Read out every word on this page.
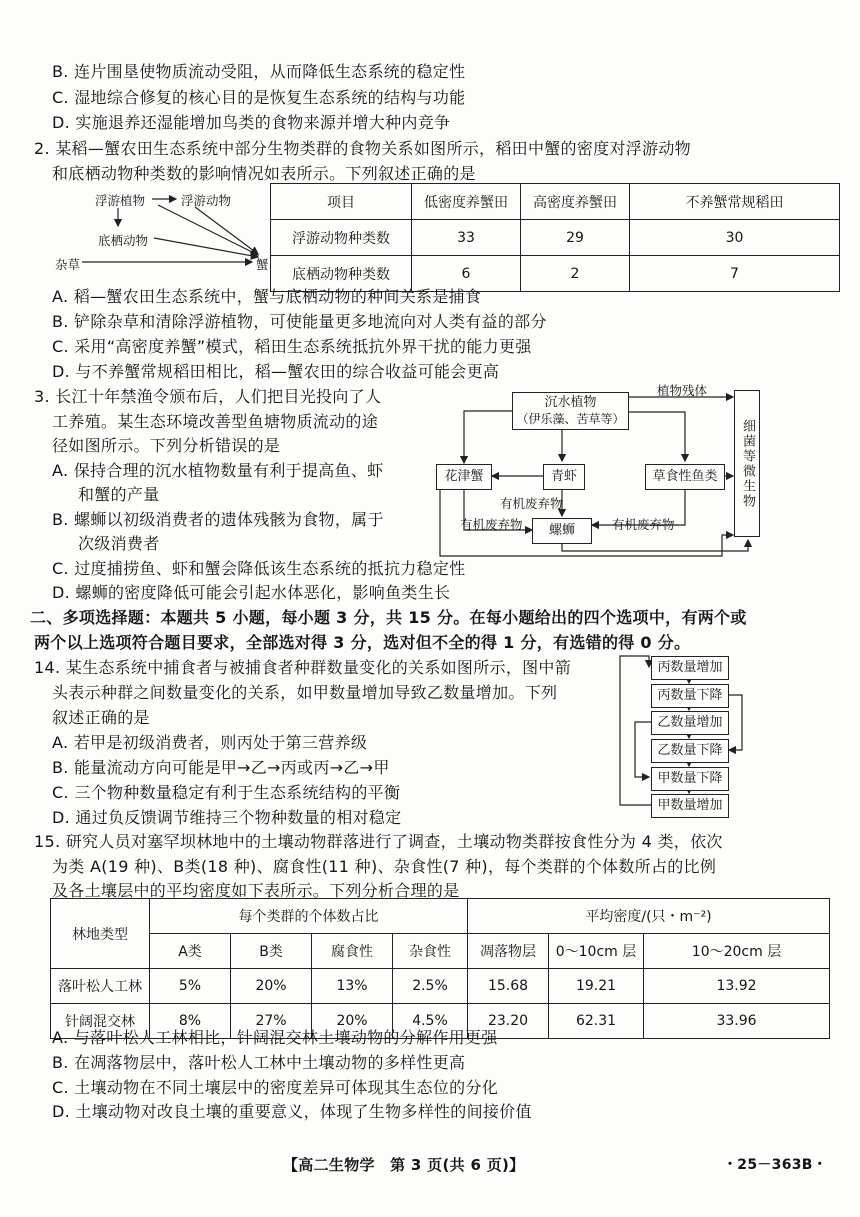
B. 连片围垦使物质流动受阻，从而降低生态系统的稳定性
C. 湿地综合修复的核心目的是恢复生态系统的结构与功能
D. 实施退养还湿能增加鸟类的食物来源并增大种内竞争
2. 某稻—蟹农田生态系统中部分生物类群的食物关系如图所示，稻田中蟹的密度对浮游动物
和底栖动物种类数的影响情况如表所示。下列叙述正确的是
浮游植物	浮游动物
底栖动物
杂草	蟹
项目	低密度养蟹田	高密度养蟹田	不养蟹常规稻田
浮游动物种类数	33	29	30
底栖动物种类数	6	2	7
A. 稻—蟹农田生态系统中，蟹与底栖动物的种间关系是捕食
B. 铲除杂草和清除浮游植物，可使能量更多地流向对人类有益的部分
C. 采用“高密度养蟹”模式，稻田生态系统抵抗外界干扰的能力更强
D. 与不养蟹常规稻田相比，稻—蟹农田的综合收益可能会更高
3. 长江十年禁渔令颁布后，人们把目光投向了人
工养殖。某生态环境改善型鱼塘物质流动的途
径如图所示。下列分析错误的是
A. 保持合理的沉水植物数量有利于提高鱼、虾
和蟹的产量
B. 螺蛳以初级消费者的遗体残骸为食物，属于
次级消费者
C. 过度捕捞鱼、虾和蟹会降低该生态系统的抵抗力稳定性
D. 螺蛳的密度降低可能会引起水体恶化，影响鱼类生长
沉水植物
（伊乐藻、苦草等）
植物残体
细菌等微生物
花津蟹	青虾	草食性鱼类
螺蛳
有机废弃物
有机废弃物	有机废弃物
二、多项选择题：本题共 5 小题，每小题 3 分，共 15 分。在每小题给出的四个选项中，有两个或
两个以上选项符合题目要求，全部选对得 3 分，选对但不全的得 1 分，有选错的得 0 分。
14. 某生态系统中捕食者与被捕食者种群数量变化的关系如图所示，图中箭
头表示种群之间数量变化的关系，如甲数量增加导致乙数量增加。下列
叙述正确的是
A. 若甲是初级消费者，则丙处于第三营养级
B. 能量流动方向可能是甲→乙→丙或丙→乙→甲
C. 三个物种数量稳定有利于生态系统结构的平衡
D. 通过负反馈调节维持三个物种数量的相对稳定
丙数量增加
丙数量下降
乙数量增加
乙数量下降
甲数量下降
甲数量增加
15. 研究人员对塞罕坝林地中的土壤动物群落进行了调查，土壤动物类群按食性分为 4 类，依次
为类 A(19 种)、B类(18 种)、腐食性(11 种)、杂食性(7 种)，每个类群的个体数所占的比例
及各土壤层中的平均密度如下表所示。下列分析合理的是
林地类型	每个类群的个体数占比				平均密度/(只・m⁻²)		
	A类	B类	腐食性	杂食性	凋落物层	0～10cm 层	10～20cm 层
落叶松人工林	5%	20%	13%	2.5%	15.68	19.21	13.92
针阔混交林	8%	27%	20%	4.5%	23.20	62.31	33.96
A. 与落叶松人工林相比，针阔混交林土壤动物的分解作用更强
B. 在凋落物层中，落叶松人工林中土壤动物的多样性更高
C. 土壤动物在不同土壤层中的密度差异可体现其生态位的分化
D. 土壤动物对改良土壤的重要意义，体现了生物多样性的间接价值
【高二生物学　第 3 页(共 6 页)】	・25－363B・
